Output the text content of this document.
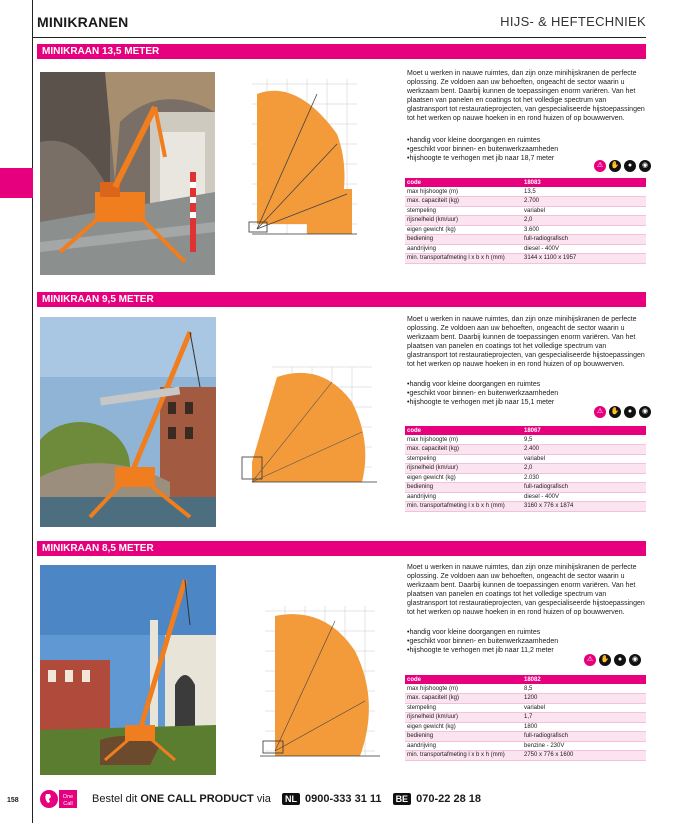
MINIKRANEN	HIJS- & HEFTECHNIEK
MINIKRAAN 13,5 METER
Moet u werken in nauwe ruimtes, dan zijn onze minihijskranen de perfecte oplossing. Ze voldoen aan uw behoeften, ongeacht de sector waarin u werkzaam bent. Daarbij kunnen de toepassingen enorm variëren. Van het plaatsen van panelen en coatings tot het volledige spectrum van glastransport tot restauratieprojecten, van gespecialiseerde hijstoepassingen tot het werken op nauwe hoeken in en rond huizen of op bouwwerven.
• handig voor kleine doorgangen en ruimtes
• geschikt voor binnen- en buitenwerkzaamheden
• hijshoogte te verhogen met jib naar 18,7 meter
⚠	✋	●	◉
code	18083
max hijshoogte (m)	13,5
max. capaciteit (kg)	2.700
stempeling	variabel
rijsnelheid (km/uur)	2,0
eigen gewicht (kg)	3.600
bediening	full-radiografisch
aandrijving	diesel - 400V
min. transportafmeting l x b x h (mm)	3144 x 1100 x 1957
MINIKRAAN 9,5 METER
Moet u werken in nauwe ruimtes, dan zijn onze minihijskranen de perfecte oplossing. Ze voldoen aan uw behoeften, ongeacht de sector waarin u werkzaam bent. Daarbij kunnen de toepassingen enorm variëren. Van het plaatsen van panelen en coatings tot het volledige spectrum van glastransport tot restauratieprojecten, van gespecialiseerde hijstoepassingen tot het werken op nauwe hoeken in en rond huizen of op bouwwerven.
• handig voor kleine doorgangen en ruimtes
• geschikt voor binnen- en buitenwerkzaamheden
• hijshoogte te verhogen met jib naar 15,1 meter
⚠	✋	●	◉
code	18067
max hijshoogte (m)	9,5
max. capaciteit (kg)	2.400
stempeling	variabel
rijsnelheid (km/uur)	2,0
eigen gewicht (kg)	2.030
bediening	full-radiografisch
aandrijving	diesel - 400V
min. transportafmeting l x b x h (mm)	3160 x 776 x 1874
MINIKRAAN 8,5 METER
Moet u werken in nauwe ruimtes, dan zijn onze minihijskranen de perfecte oplossing. Ze voldoen aan uw behoeften, ongeacht de sector waarin u werkzaam bent. Daarbij kunnen de toepassingen enorm variëren. Van het plaatsen van panelen en coatings tot het volledige spectrum van glastransport tot restauratieprojecten, van gespecialiseerde hijstoepassingen tot het werken op nauwe hoeken in en rond huizen of op bouwwerven.
• handig voor kleine doorgangen en ruimtes
• geschikt voor binnen- en buitenwerkzaamheden
• hijshoogte te verhogen met jib naar 11,2 meter
⚠	✋	●	◉
code	18082
max hijshoogte (m)	8,5
max. capaciteit (kg)	1200
stempeling	variabel
rijsnelheid (km/uur)	1,7
eigen gewicht (kg)	1800
bediening	full-radiografisch
aandrijving	benzine - 230V
min. transportafmeting l x b x h (mm)	2750 x 776 x 1600
158	One
Call Bestel dit ONE CALL PRODUCT via NL 0900-333 31 11 BE 070-22 28 18
